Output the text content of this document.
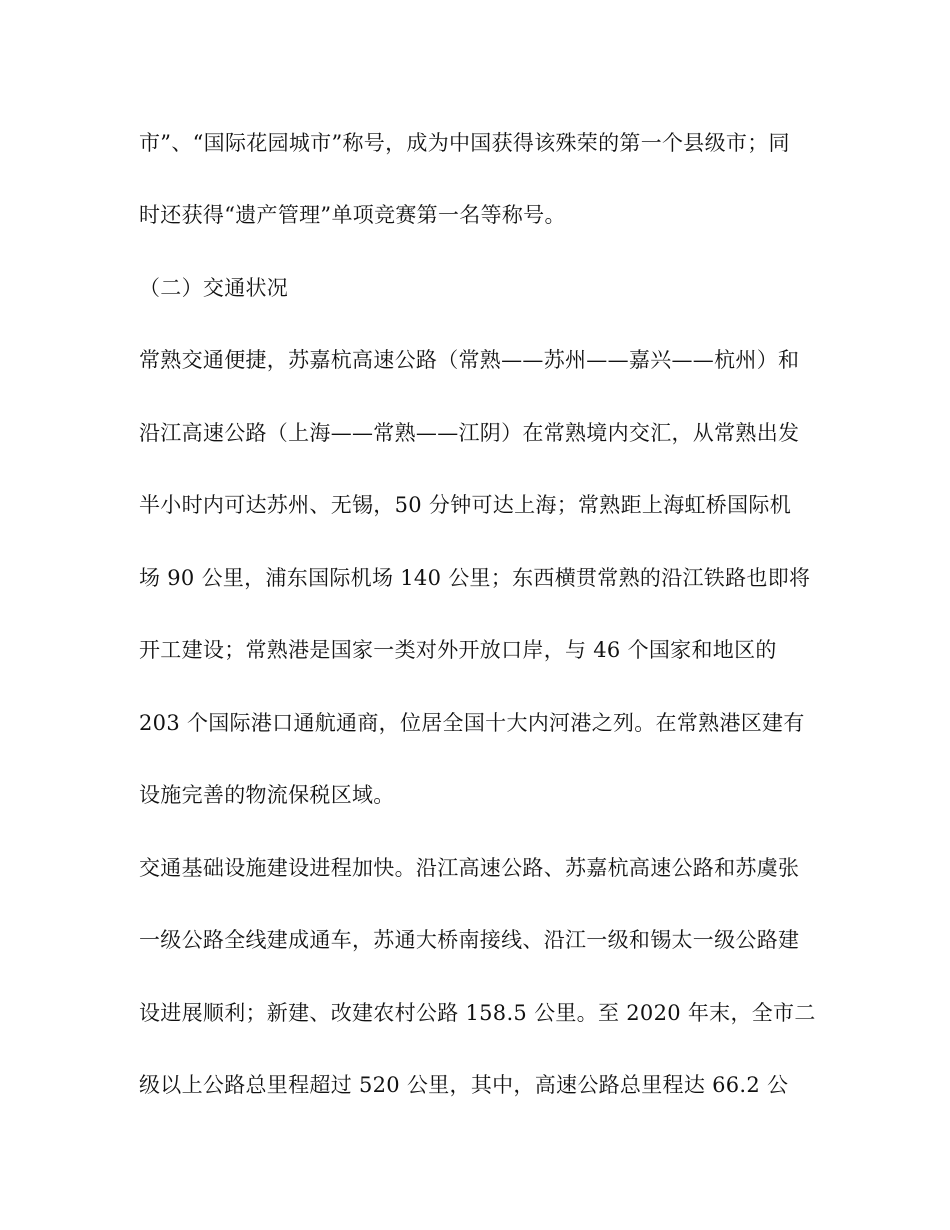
市”、“国际花园城市”称号，成为中国获得该殊荣的第一个县级市；同
时还获得“遗产管理”单项竞赛第一名等称号。
（二）交通状况
常熟交通便捷，苏嘉杭高速公路（常熟——苏州——嘉兴——杭州）和
沿江高速公路（上海——常熟——江阴）在常熟境内交汇，从常熟出发
半小时内可达苏州、无锡，50 分钟可达上海；常熟距上海虹桥国际机
场 90 公里，浦东国际机场 140 公里；东西横贯常熟的沿江铁路也即将
开工建设；常熟港是国家一类对外开放口岸，与 46 个国家和地区的
203 个国际港口通航通商，位居全国十大内河港之列。在常熟港区建有
设施完善的物流保税区域。
交通基础设施建设进程加快。沿江高速公路、苏嘉杭高速公路和苏虞张
一级公路全线建成通车，苏通大桥南接线、沿江一级和锡太一级公路建
设进展顺利；新建、改建农村公路 158.5 公里。至 2020 年末，全市二
级以上公路总里程超过 520 公里，其中，高速公路总里程达 66.2 公
